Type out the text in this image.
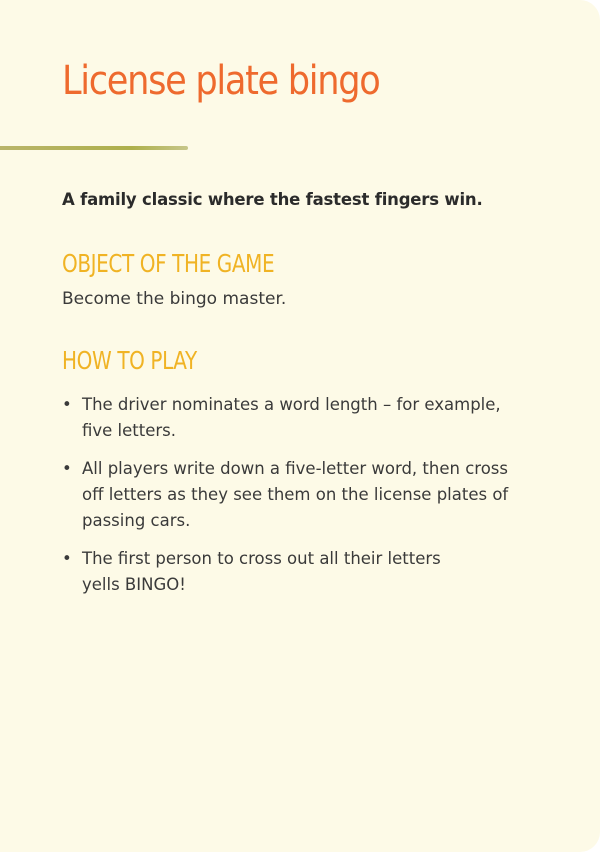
License plate bingo

A family classic where the fastest fingers win.

OBJECT OF THE GAME

Become the bingo master.

HOW TO PLAY
• The driver nominates a word length – for example,
five letters.
• All players write down a five-letter word, then cross
off letters as they see them on the license plates of
passing cars.
• The first person to cross out all their letters
yells BINGO!
